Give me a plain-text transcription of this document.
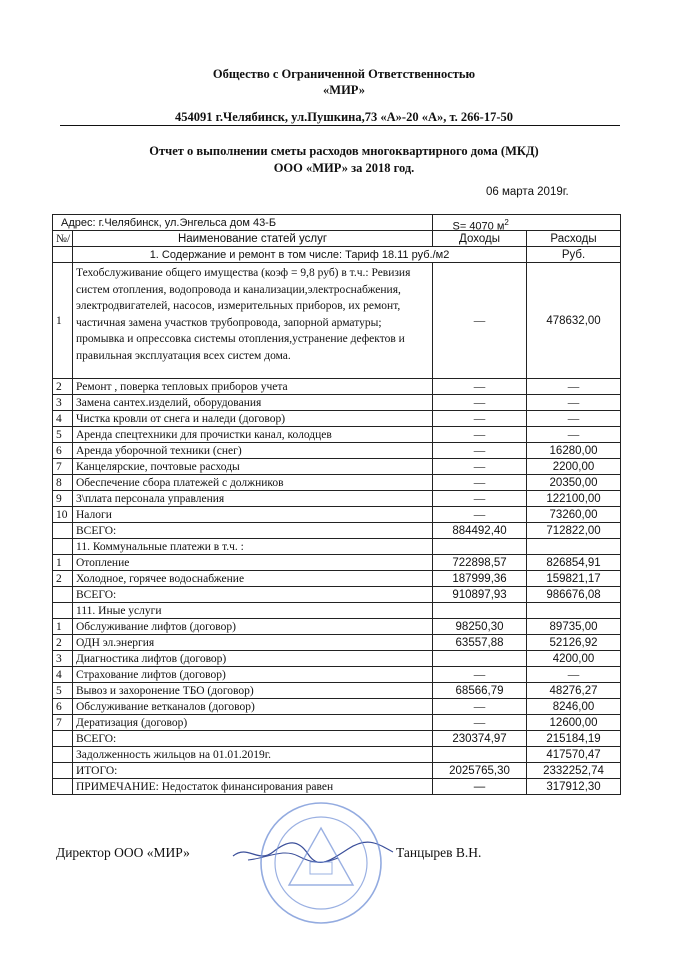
Общество с Ограниченной Ответственностью
«МИР»
454091 г.Челябинск, ул.Пушкина,73 «А»-20 «А», т. 266-17-50
Отчет о выполнении сметы расходов многоквартирного дома (МКД)
ООО «МИР» за 2018 год.
06 марта 2019г.
Адрес: г.Челябинск, ул.Энгельса дом 43-Б S= 4070 $м^2$

№/	Наименование статей услуг	Доходы	Расходы
	1. Содержание и ремонт в том числе: Тариф 18.11 руб./м2		Руб.
1	Техобслуживание общего имущества (коэф = 9,8 руб) в т.ч.: Ревизия систем отопления, водопровода и канализации,электроснабжения, электродвигателей, насосов, измерительных приборов, их ремонт, частичная замена участков трубопровода, запорной арматуры; промывка и опрессовка системы отопления,устранение дефектов и правильная эксплуатация всех систем дома.	—	478632,00
2	Ремонт , поверка тепловых приборов учета	—	—
3	Замена сантех.изделий, оборудования	—	—
4	Чистка кровли от снега и наледи (договор)	—	—
5	Аренда спецтехники для прочистки канал, колодцев	—	—
6	Аренда уборочной техники (снег)	—	16280,00
7	Канцелярские, почтовые расходы	—	2200,00
8	Обеспечение сбора платежей с должников	—	20350,00
9	З\плата персонала управления	—	122100,00
10	Налоги	—	73260,00
	ВСЕГО:	884492,40	712822,00
	11. Коммунальные платежи в т.ч. :		
1	Отопление	722898,57	826854,91
2	Холодное, горячее водоснабжение	187999,36	159821,17
	ВСЕГО:	910897,93	986676,08
	111. Иные услуги		
1	Обслуживание лифтов (договор)	98250,30	89735,00
2	ОДН эл.энергия	63557,88	52126,92
3	Диагностика лифтов (договор)		4200,00
4	Страхование лифтов (договор)	—	—
5	Вывоз и захоронение ТБО (договор)	68566,79	48276,27
6	Обслуживание ветканалов (договор)	—	8246,00
7	Дератизация (договор)	—	12600,00
	ВСЕГО:	230374,97	215184,19
	Задолженность жильцов на 01.01.2019г.		417570,47
	ИТОГО:	2025765,30	2332252,74
	ПРИМЕЧАНИЕ: Недостаток финансирования равен	—	317912,30
Директор ООО «МИР»	Танцырев В.Н.
